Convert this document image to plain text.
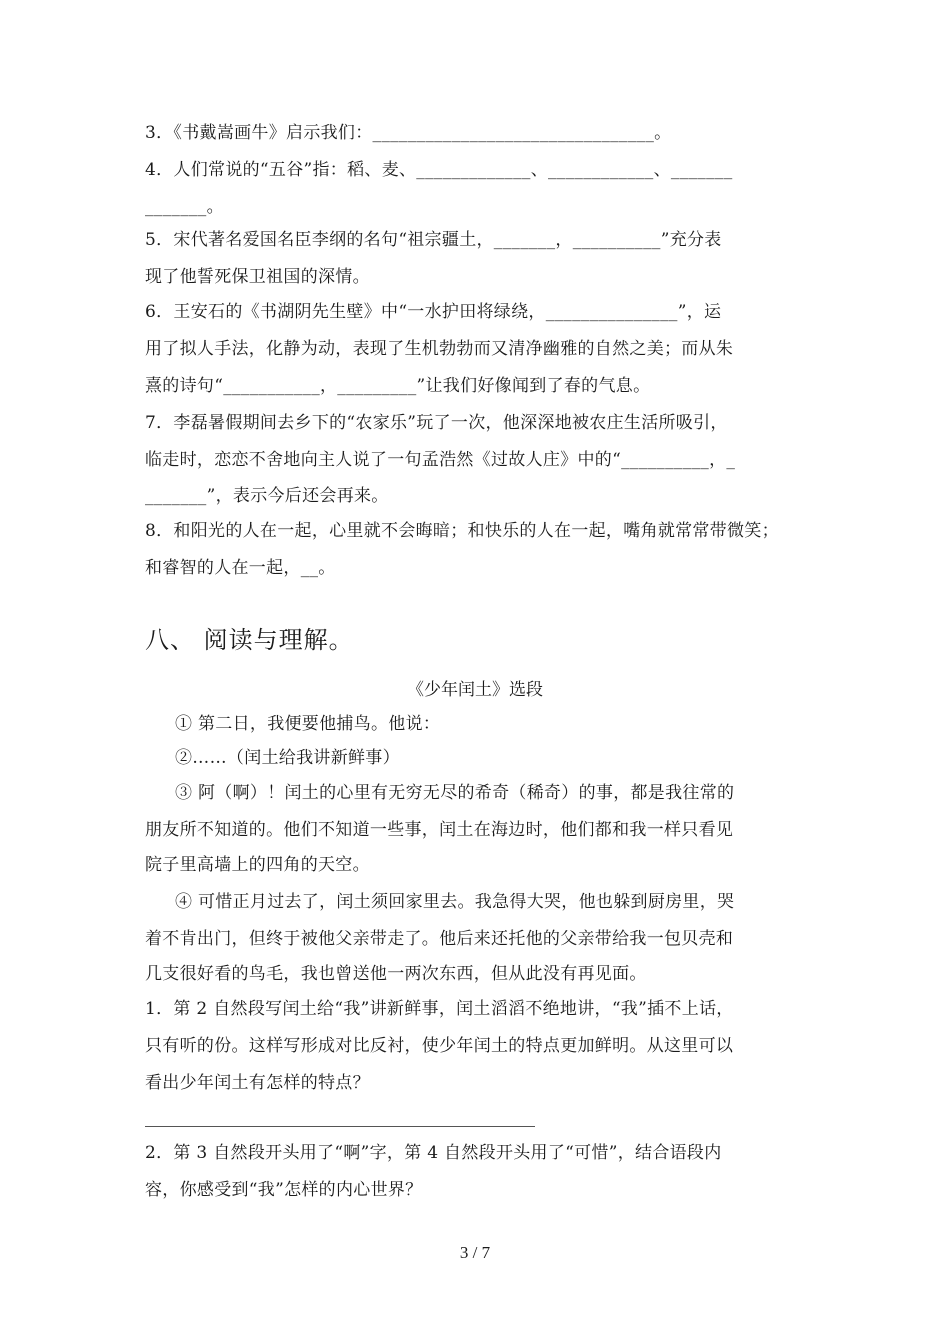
3．《书戴嵩画牛》启示我们：________________________________。
4．人们常说的“五谷”指：稻、麦、_____________、____________、_______
_______。
5．宋代著名爱国名臣李纲的名句“祖宗疆土，_______，__________”充分表
现了他誓死保卫祖国的深情。
6．王安石的《书湖阴先生壁》中“一水护田将绿绕，_______________”，运
用了拟人手法，化静为动，表现了生机勃勃而又清净幽雅的自然之美；而从朱
熹的诗句“___________，_________”让我们好像闻到了春的气息。
7．李磊暑假期间去乡下的“农家乐”玩了一次，他深深地被农庄生活所吸引，
临走时，恋恋不舍地向主人说了一句孟浩然《过故人庄》中的“__________，_
_______”，表示今后还会再来。
8．和阳光的人在一起，心里就不会晦暗；和快乐的人在一起，嘴角就常常带微笑；
和睿智的人在一起，__。
八、 阅读与理解。
《少年闰土》选段
① 第二日，我便要他捕鸟。他说：
②……（闰土给我讲新鲜事）
③ 阿（啊）！闰土的心里有无穷无尽的希奇（稀奇）的事，都是我往常的
朋友所不知道的。他们不知道一些事，闰土在海边时，他们都和我一样只看见
院子里高墙上的四角的天空。
④ 可惜正月过去了，闰土须回家里去。我急得大哭，他也躲到厨房里，哭
着不肯出门，但终于被他父亲带走了。他后来还托他的父亲带给我一包贝壳和
几支很好看的鸟毛，我也曾送他一两次东西，但从此没有再见面。
1．第 2 自然段写闰土给“我”讲新鲜事，闰土滔滔不绝地讲，“我”插不上话，
只有听的份。这样写形成对比反衬，使少年闰土的特点更加鲜明。从这里可以
看出少年闰土有怎样的特点？
2．第 3 自然段开头用了“啊”字，第 4 自然段开头用了“可惜”，结合语段内
容，你感受到“我”怎样的内心世界？
3 / 7
